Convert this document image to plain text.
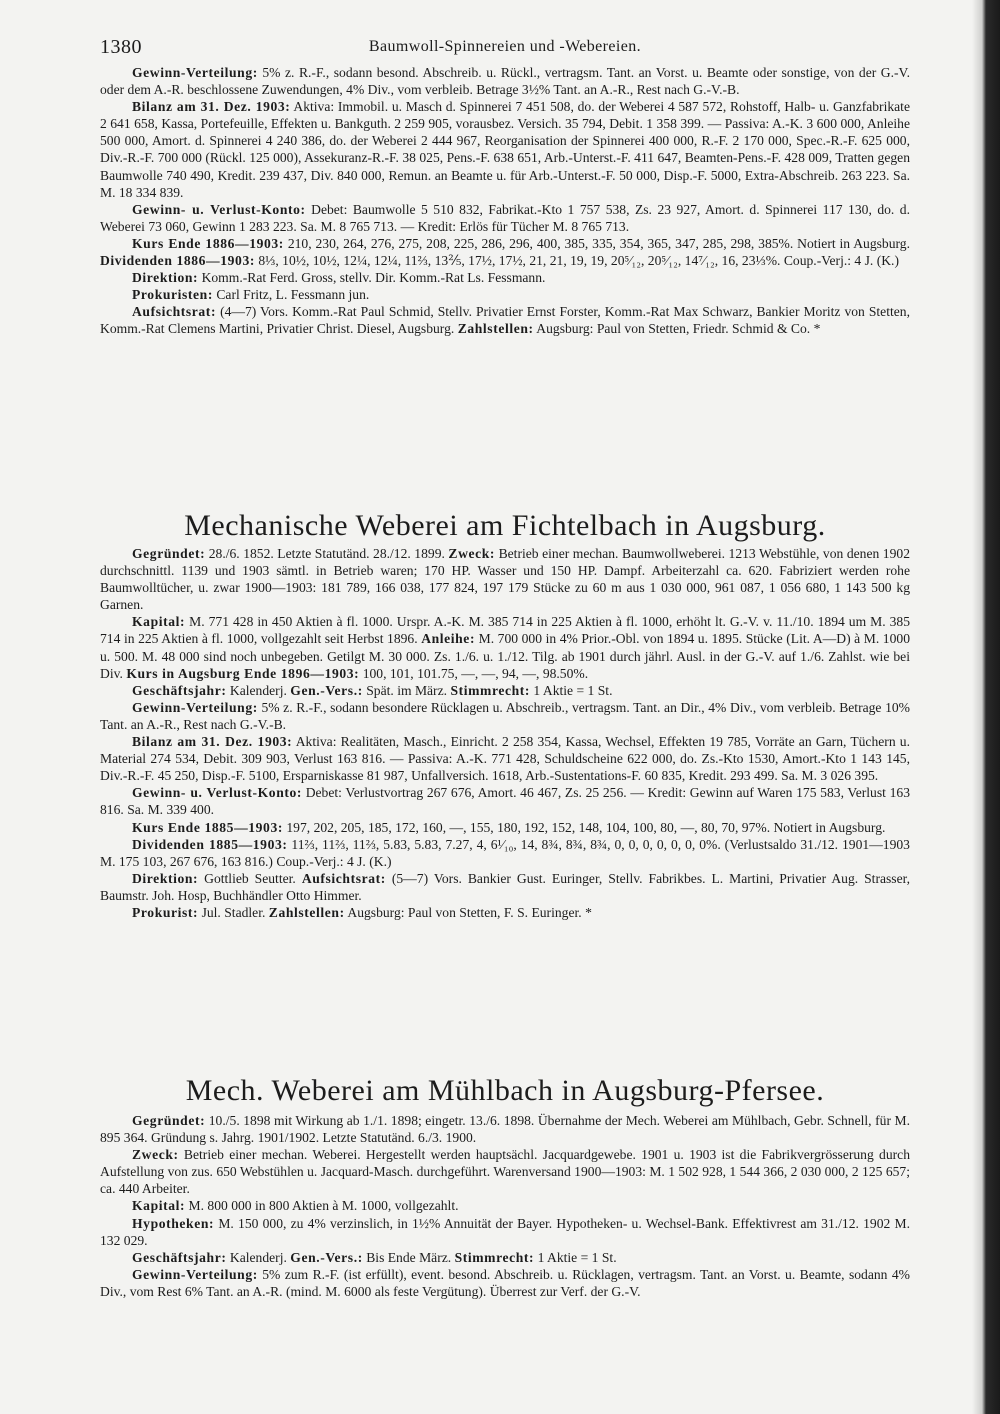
1380	Baumwoll-Spinnereien und -Webereien.

Gewinn-Verteilung: 5% z. R.-F., sodann besond. Abschreib. u. Rückl., vertragsm. Tant. an Vorst. u. Beamte oder sonstige, von der G.-V. oder dem A.-R. beschlossene Zuwendungen, 4% Div., vom verbleib. Betrage 3½% Tant. an A.-R., Rest nach G.-V.-B.

Bilanz am 31. Dez. 1903: Aktiva: Immobil. u. Masch d. Spinnerei 7 451 508, do. der Weberei 4 587 572, Rohstoff, Halb- u. Ganzfabrikate 2 641 658, Kassa, Portefeuille, Effekten u. Bankguth. 2 259 905, vorausbez. Versich. 35 794, Debit. 1 358 399. — Passiva: A.-K. 3 600 000, Anleihe 500 000, Amort. d. Spinnerei 4 240 386, do. der Weberei 2 444 967, Reorganisation der Spinnerei 400 000, R.-F. 2 170 000, Spec.-R.-F. 625 000, Div.-R.-F. 700 000 (Rückl. 125 000), Assekuranz-R.-F. 38 025, Pens.-F. 638 651, Arb.-Unterst.-F. 411 647, Beamten-Pens.-F. 428 009, Tratten gegen Baumwolle 740 490, Kredit. 239 437, Div. 840 000, Remun. an Beamte u. für Arb.-Unterst.-F. 50 000, Disp.-F. 5000, Extra-Abschreib. 263 223. Sa. M. 18 334 839.

Gewinn- u. Verlust-Konto: Debet: Baumwolle 5 510 832, Fabrikat.-Kto 1 757 538, Zs. 23 927, Amort. d. Spinnerei 117 130, do. d. Weberei 73 060, Gewinn 1 283 223. Sa. M. 8 765 713. — Kredit: Erlös für Tücher M. 8 765 713.

Kurs Ende 1886—1903: 210, 230, 264, 276, 275, 208, 225, 286, 296, 400, 385, 335, 354, 365, 347, 285, 298, 385%. Notiert in Augsburg. Dividenden 1886—1903: 8⅓, 10½, 10½, 12¼, 12¼, 11⅔, 13⅖, 17½, 17½, 21, 21, 19, 19, 20⁵⁄₁₂, 20⁵⁄₁₂, 14⁷⁄₁₂, 16, 23⅓%. Coup.-Verj.: 4 J. (K.)

Direktion: Komm.-Rat Ferd. Gross, stellv. Dir. Komm.-Rat Ls. Fessmann.

Prokuristen: Carl Fritz, L. Fessmann jun.

Aufsichtsrat: (4—7) Vors. Komm.-Rat Paul Schmid, Stellv. Privatier Ernst Forster, Komm.-Rat Max Schwarz, Bankier Moritz von Stetten, Komm.-Rat Clemens Martini, Privatier Christ. Diesel, Augsburg. Zahlstellen: Augsburg: Paul von Stetten, Friedr. Schmid & Co. *

Mechanische Weberei am Fichtelbach in Augsburg.

Gegründet: 28./6. 1852. Letzte Statutänd. 28./12. 1899. Zweck: Betrieb einer mechan. Baumwollweberei. 1213 Webstühle, von denen 1902 durchschnittl. 1139 und 1903 sämtl. in Betrieb waren; 170 HP. Wasser und 150 HP. Dampf. Arbeiterzahl ca. 620. Fabriziert werden rohe Baumwolltücher, u. zwar 1900—1903: 181 789, 166 038, 177 824, 197 179 Stücke zu 60 m aus 1 030 000, 961 087, 1 056 680, 1 143 500 kg Garnen.

Kapital: M. 771 428 in 450 Aktien à fl. 1000. Urspr. A.-K. M. 385 714 in 225 Aktien à fl. 1000, erhöht lt. G.-V. v. 11./10. 1894 um M. 385 714 in 225 Aktien à fl. 1000, vollgezahlt seit Herbst 1896. Anleihe: M. 700 000 in 4% Prior.-Obl. von 1894 u. 1895. Stücke (Lit. A—D) à M. 1000 u. 500. M. 48 000 sind noch unbegeben. Getilgt M. 30 000. Zs. 1./6. u. 1./12. Tilg. ab 1901 durch jährl. Ausl. in der G.-V. auf 1./6. Zahlst. wie bei Div. Kurs in Augsburg Ende 1896—1903: 100, 101, 101.75, —, —, 94, —, 98.50%.

Geschäftsjahr: Kalenderj. Gen.-Vers.: Spät. im März. Stimmrecht: 1 Aktie = 1 St.

Gewinn-Verteilung: 5% z. R.-F., sodann besondere Rücklagen u. Abschreib., vertragsm. Tant. an Dir., 4% Div., vom verbleib. Betrage 10% Tant. an A.-R., Rest nach G.-V.-B.

Bilanz am 31. Dez. 1903: Aktiva: Realitäten, Masch., Einricht. 2 258 354, Kassa, Wechsel, Effekten 19 785, Vorräte an Garn, Tüchern u. Material 274 534, Debit. 309 903, Verlust 163 816. — Passiva: A.-K. 771 428, Schuldscheine 622 000, do. Zs.-Kto 1530, Amort.-Kto 1 143 145, Div.-R.-F. 45 250, Disp.-F. 5100, Ersparniskasse 81 987, Unfallversich. 1618, Arb.-Sustentations-F. 60 835, Kredit. 293 499. Sa. M. 3 026 395.

Gewinn- u. Verlust-Konto: Debet: Verlustvortrag 267 676, Amort. 46 467, Zs. 25 256. — Kredit: Gewinn auf Waren 175 583, Verlust 163 816. Sa. M. 339 400.

Kurs Ende 1885—1903: 197, 202, 205, 185, 172, 160, —, 155, 180, 192, 152, 148, 104, 100, 80, —, 80, 70, 97%. Notiert in Augsburg.

Dividenden 1885—1903: 11⅔, 11⅔, 11⅔, 5.83, 5.83, 7.27, 4, 6¹⁄₁₀, 14, 8¾, 8¾, 8¾, 0, 0, 0, 0, 0, 0, 0%. (Verlustsaldo 31./12. 1901—1903 M. 175 103, 267 676, 163 816.) Coup.-Verj.: 4 J. (K.)

Direktion: Gottlieb Seutter. Aufsichtsrat: (5—7) Vors. Bankier Gust. Euringer, Stellv. Fabrikbes. L. Martini, Privatier Aug. Strasser, Baumstr. Joh. Hosp, Buchhändler Otto Himmer.

Prokurist: Jul. Stadler. Zahlstellen: Augsburg: Paul von Stetten, F. S. Euringer. *

Mech. Weberei am Mühlbach in Augsburg-Pfersee.

Gegründet: 10./5. 1898 mit Wirkung ab 1./1. 1898; eingetr. 13./6. 1898. Übernahme der Mech. Weberei am Mühlbach, Gebr. Schnell, für M. 895 364. Gründung s. Jahrg. 1901/1902. Letzte Statutänd. 6./3. 1900.

Zweck: Betrieb einer mechan. Weberei. Hergestellt werden hauptsächl. Jacquardgewebe. 1901 u. 1903 ist die Fabrikvergrösserung durch Aufstellung von zus. 650 Webstühlen u. Jacquard-Masch. durchgeführt. Warenversand 1900—1903: M. 1 502 928, 1 544 366, 2 030 000, 2 125 657; ca. 440 Arbeiter.

Kapital: M. 800 000 in 800 Aktien à M. 1000, vollgezahlt.

Hypotheken: M. 150 000, zu 4% verzinslich, in 1½% Annuität der Bayer. Hypotheken- u. Wechsel-Bank. Effektivrest am 31./12. 1902 M. 132 029.

Geschäftsjahr: Kalenderj. Gen.-Vers.: Bis Ende März. Stimmrecht: 1 Aktie = 1 St.

Gewinn-Verteilung: 5% zum R.-F. (ist erfüllt), event. besond. Abschreib. u. Rücklagen, vertragsm. Tant. an Vorst. u. Beamte, sodann 4% Div., vom Rest 6% Tant. an A.-R. (mind. M. 6000 als feste Vergütung). Überrest zur Verf. der G.-V.
